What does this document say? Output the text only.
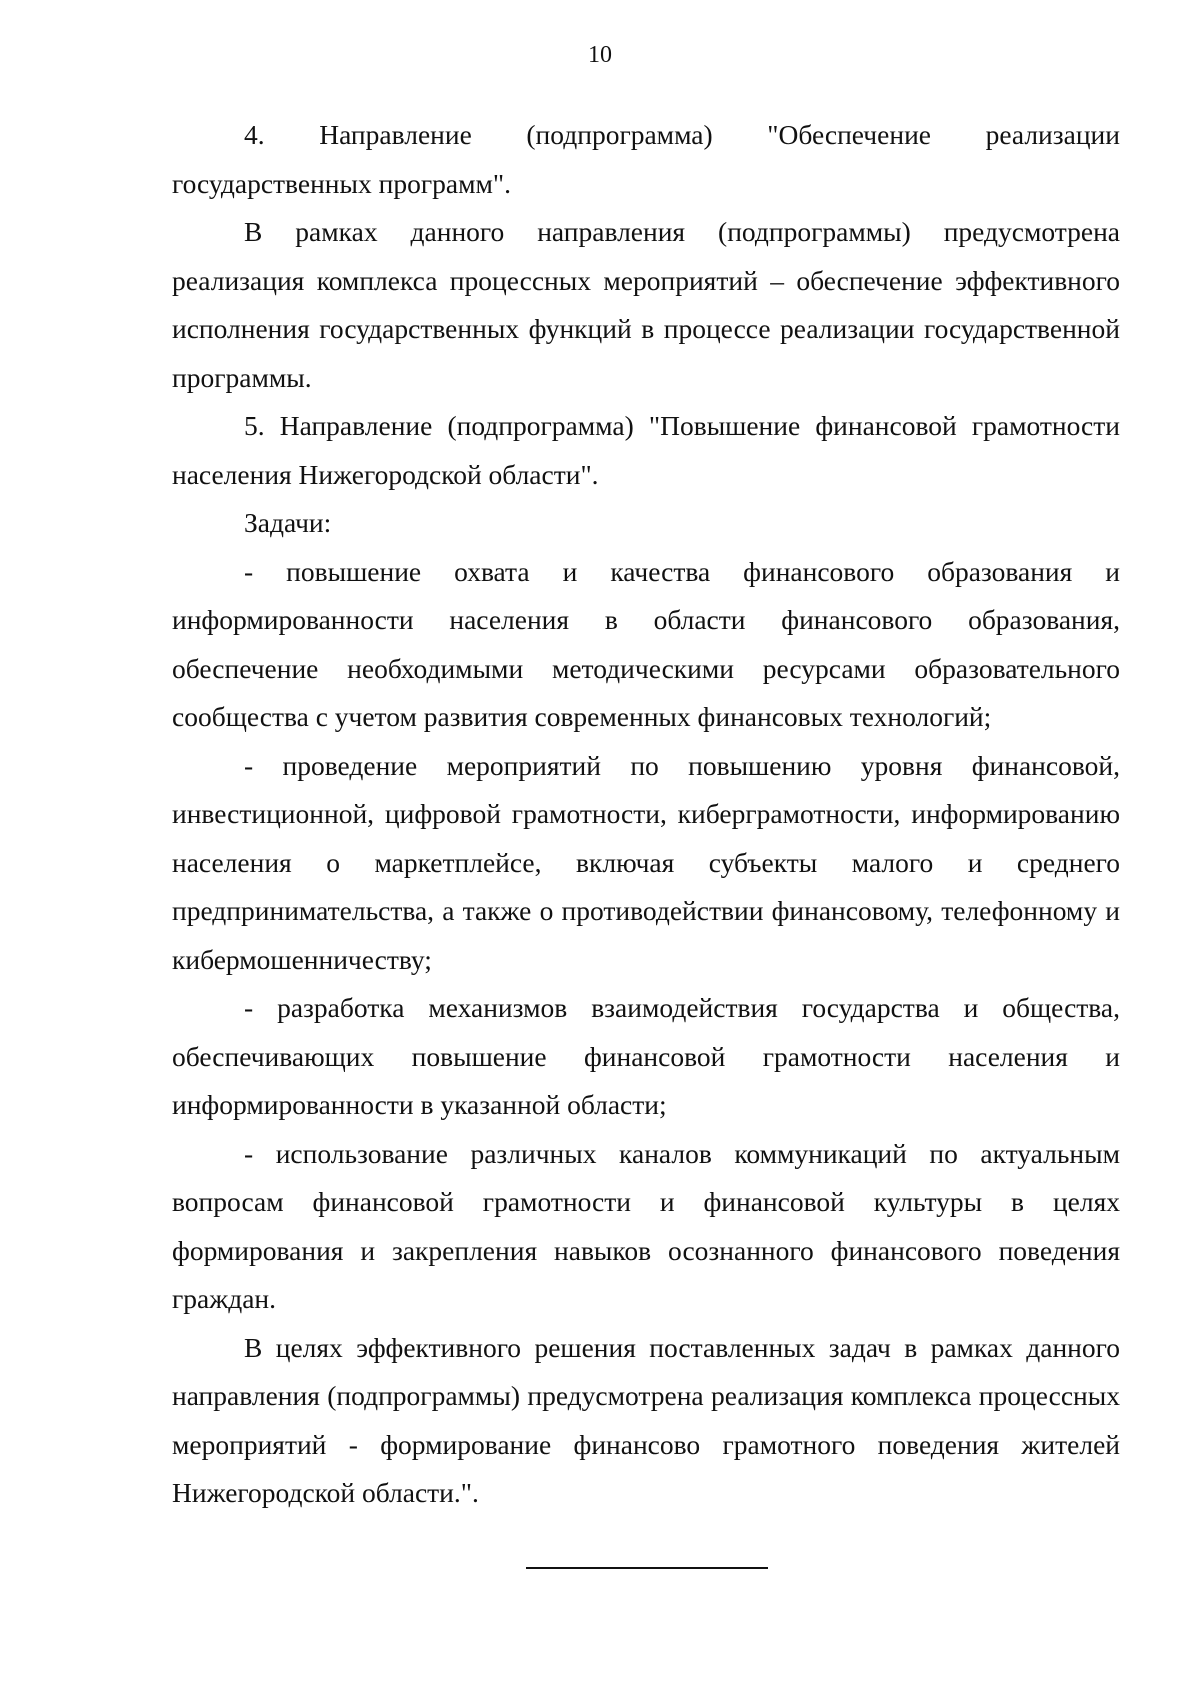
10

4. Направление (подпрограмма) "Обеспечение реализации государственных программ".

В рамках данного направления (подпрограммы) предусмотрена реализация комплекса процессных мероприятий – обеспечение эффективного исполнения государственных функций в процессе реализации государственной программы.

5. Направление (подпрограмма) "Повышение финансовой грамотности населения Нижегородской области".

Задачи:

- повышение охвата и качества финансового образования и информированности населения в области финансового образования, обеспечение необходимыми методическими ресурсами образовательного сообщества с учетом развития современных финансовых технологий;

- проведение мероприятий по повышению уровня финансовой, инвестиционной, цифровой грамотности, киберграмотности, информированию населения о маркетплейсе, включая субъекты малого и среднего предпринимательства, а также о противодействии финансовому, телефонному и кибермошенничеству;

- разработка механизмов взаимодействия государства и общества, обеспечивающих повышение финансовой грамотности населения и информированности в указанной области;

- использование различных каналов коммуникаций по актуальным вопросам финансовой грамотности и финансовой культуры в целях формирования и закрепления навыков осознанного финансового поведения граждан.

В целях эффективного решения поставленных задач в рамках данного направления (подпрограммы) предусмотрена реализация комплекса процессных мероприятий - формирование финансово грамотного поведения жителей Нижегородской области.".
